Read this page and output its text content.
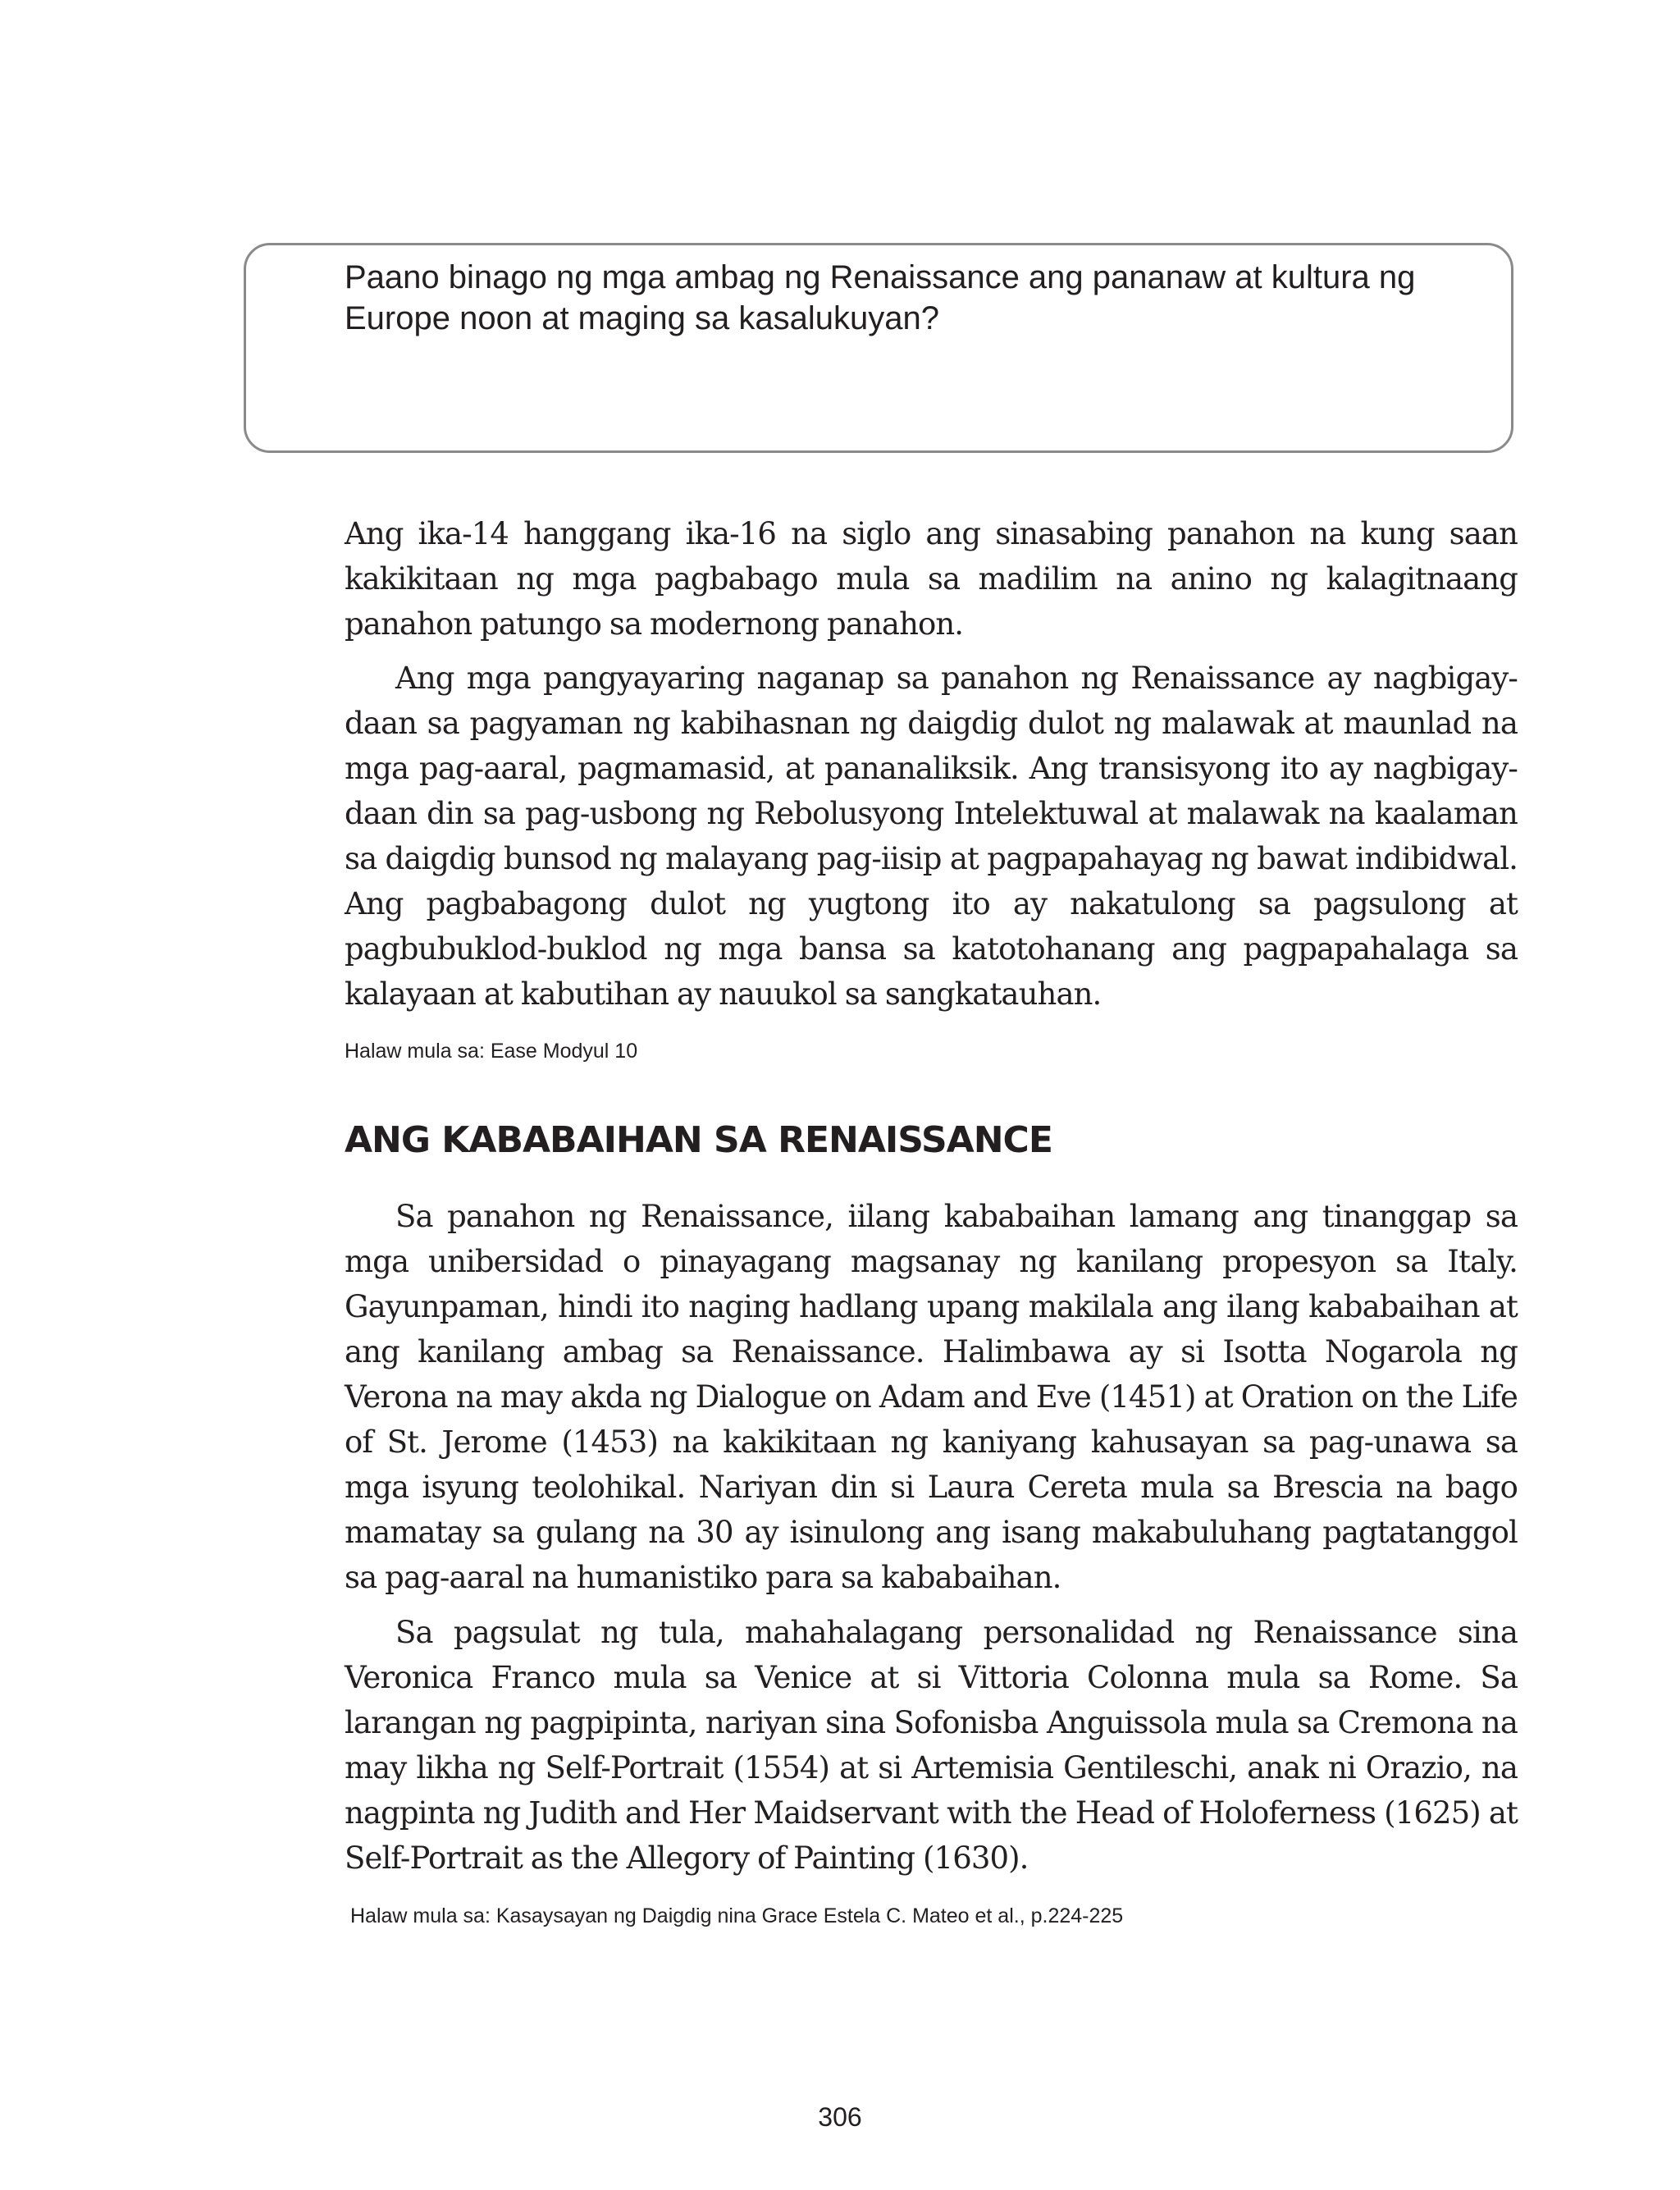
Paano binago ng mga ambag ng Renaissance ang pananaw at kultura ng Europe noon at maging sa kasalukuyan?

Ang ika-14 hanggang ika-16 na siglo ang sinasabing panahon na kung saan kakikitaan ng mga pagbabago mula sa madilim na anino ng kalagitnaang panahon patungo sa modernong panahon.

Ang mga pangyayaring naganap sa panahon ng Renaissance ay nagbigay-daan sa pagyaman ng kabihasnan ng daigdig dulot ng malawak at maunlad na mga pag-aaral, pagmamasid, at pananaliksik. Ang transisyong ito ay nagbigay-daan din sa pag-usbong ng Rebolusyong Intelektuwal at malawak na kaalaman sa daigdig bunsod ng malayang pag-iisip at pagpapahayag ng bawat indibidwal. Ang pagbabagong dulot ng yugtong ito ay nakatulong sa pagsulong at pagbubuklod-buklod ng mga bansa sa katotohanang ang pagpapahalaga sa kalayaan at kabutihan ay nauukol sa sangkatauhan.

Halaw mula sa: Ease Modyul 10

ANG KABABAIHAN SA RENAISSANCE

Sa panahon ng Renaissance, iilang kababaihan lamang ang tinanggap sa mga unibersidad o pinayagang magsanay ng kanilang propesyon sa Italy. Gayunpaman, hindi ito naging hadlang upang makilala ang ilang kababaihan at ang kanilang ambag sa Renaissance. Halimbawa ay si Isotta Nogarola ng Verona na may akda ng Dialogue on Adam and Eve (1451) at Oration on the Life of St. Jerome (1453) na kakikitaan ng kaniyang kahusayan sa pag-unawa sa mga isyung teolohikal. Nariyan din si Laura Cereta mula sa Brescia na bago mamatay sa gulang na 30 ay isinulong ang isang makabuluhang pagtatanggol sa pag-aaral na humanistiko para sa kababaihan.

Sa pagsulat ng tula, mahahalagang personalidad ng Renaissance sina Veronica Franco mula sa Venice at si Vittoria Colonna mula sa Rome. Sa larangan ng pagpipinta, nariyan sina Sofonisba Anguissola mula sa Cremona na may likha ng Self-Portrait (1554) at si Artemisia Gentileschi, anak ni Orazio, na nagpinta ng Judith and Her Maidservant with the Head of Holoferness (1625) at Self-Portrait as the Allegory of Painting (1630).

Halaw mula sa: Kasaysayan ng Daigdig nina Grace Estela C. Mateo et al., p.224-225

306
